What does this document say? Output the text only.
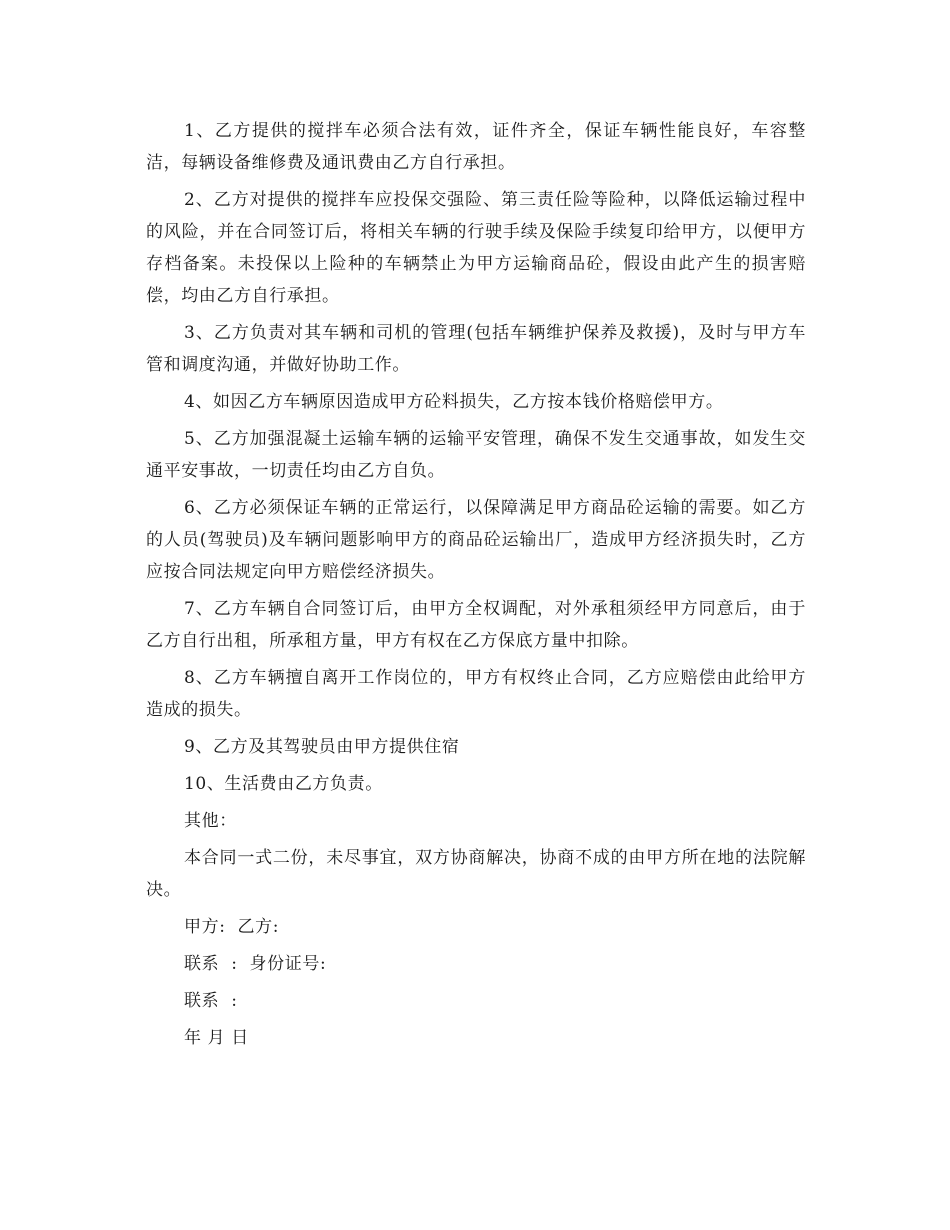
1、乙方提供的搅拌车必须合法有效，证件齐全，保证车辆性能良好，车容整洁，每辆设备维修费及通讯费由乙方自行承担。

2、乙方对提供的搅拌车应投保交强险、第三责任险等险种，以降低运输过程中的风险，并在合同签订后，将相关车辆的行驶手续及保险手续复印给甲方，以便甲方存档备案。未投保以上险种的车辆禁止为甲方运输商品砼，假设由此产生的损害赔偿，均由乙方自行承担。

3、乙方负责对其车辆和司机的管理(包括车辆维护保养及救援)，及时与甲方车管和调度沟通，并做好协助工作。

4、如因乙方车辆原因造成甲方砼料损失，乙方按本钱价格赔偿甲方。

5、乙方加强混凝土运输车辆的运输平安管理，确保不发生交通事故，如发生交通平安事故，一切责任均由乙方自负。

6、乙方必须保证车辆的正常运行，以保障满足甲方商品砼运输的需要。如乙方的人员(驾驶员)及车辆问题影响甲方的商品砼运输出厂，造成甲方经济损失时，乙方应按合同法规定向甲方赔偿经济损失。

7、乙方车辆自合同签订后，由甲方全权调配，对外承租须经甲方同意后，由于乙方自行出租，所承租方量，甲方有权在乙方保底方量中扣除。

8、乙方车辆擅自离开工作岗位的，甲方有权终止合同，乙方应赔偿由此给甲方造成的损失。

9、乙方及其驾驶员由甲方提供住宿

10、生活费由乙方负责。

其他：

本合同一式二份，未尽事宜，双方协商解决，协商不成的由甲方所在地的法院解决。

甲方:  乙方:

联系  :  身份证号:

联系  :

年 月 日
